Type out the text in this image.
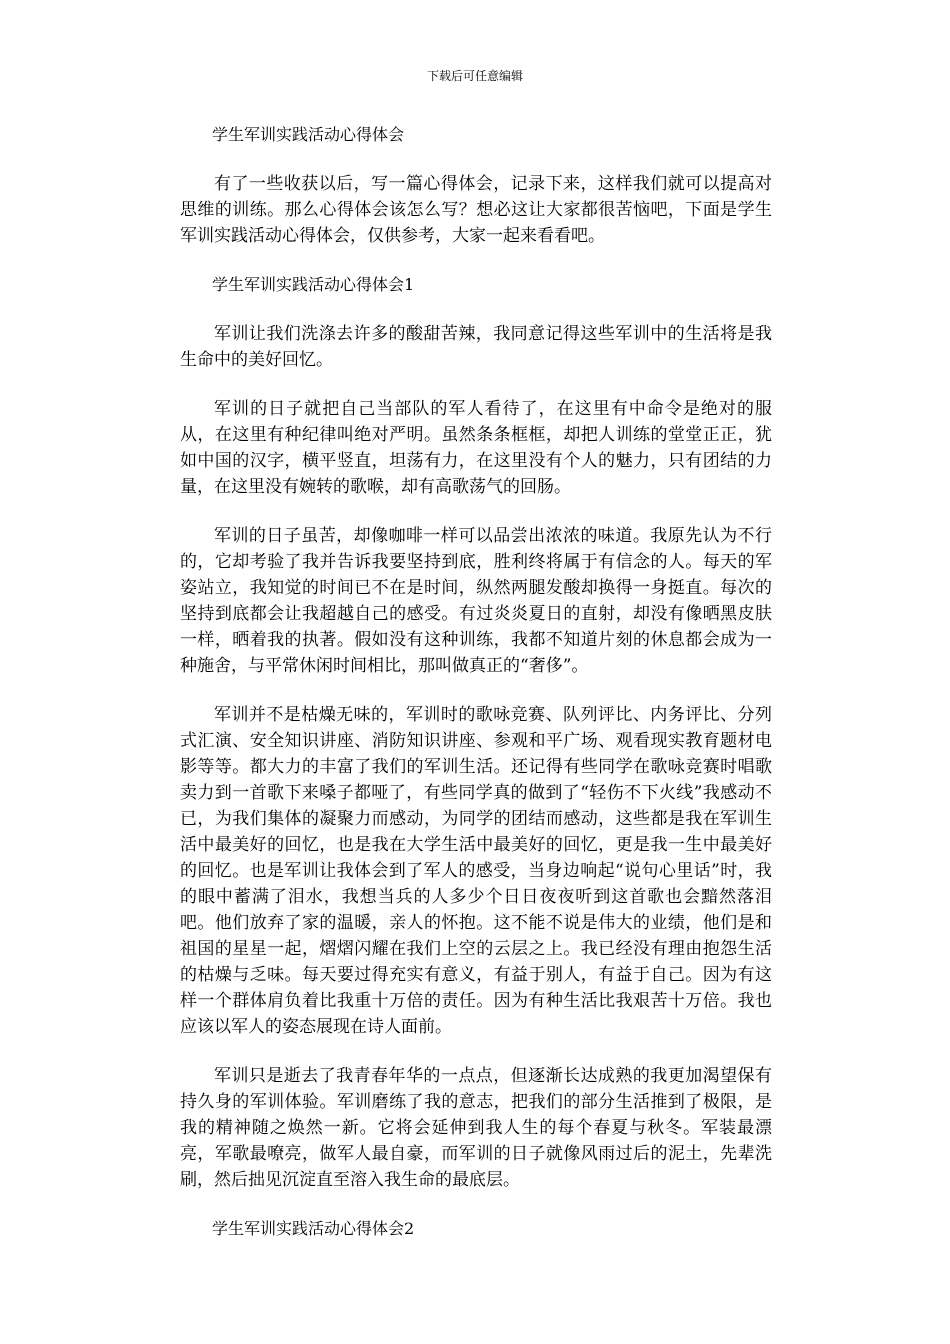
下载后可任意编辑

学生军训实践活动心得体会

有了一些收获以后，写一篇心得体会，记录下来，这样我们就可以提高对思维的训练。那么心得体会该怎么写？想必这让大家都很苦恼吧，下面是学生军训实践活动心得体会，仅供参考，大家一起来看看吧。

学生军训实践活动心得体会1

军训让我们洗涤去许多的酸甜苦辣，我同意记得这些军训中的生活将是我生命中的美好回忆。

军训的日子就把自己当部队的军人看待了，在这里有中命令是绝对的服从，在这里有种纪律叫绝对严明。虽然条条框框，却把人训练的堂堂正正，犹如中国的汉字，横平竖直，坦荡有力，在这里没有个人的魅力，只有团结的力量，在这里没有婉转的歌喉，却有高歌荡气的回肠。

军训的日子虽苦，却像咖啡一样可以品尝出浓浓的味道。我原先认为不行的，它却考验了我并告诉我要坚持到底，胜利终将属于有信念的人。每天的军姿站立，我知觉的时间已不在是时间，纵然两腿发酸却换得一身挺直。每次的坚持到底都会让我超越自己的感受。有过炎炎夏日的直射，却没有像晒黑皮肤一样，晒着我的执著。假如没有这种训练，我都不知道片刻的休息都会成为一种施舍，与平常休闲时间相比，那叫做真正的“奢侈”。

军训并不是枯燥无味的，军训时的歌咏竞赛、队列评比、内务评比、分列式汇演、安全知识讲座、消防知识讲座、参观和平广场、观看现实教育题材电影等等。都大力的丰富了我们的军训生活。还记得有些同学在歌咏竞赛时唱歌卖力到一首歌下来嗓子都哑了，有些同学真的做到了“轻伤不下火线”我感动不已，为我们集体的凝聚力而感动，为同学的团结而感动，这些都是我在军训生活中最美好的回忆，也是我在大学生活中最美好的回忆，更是我一生中最美好的回忆。也是军训让我体会到了军人的感受，当身边响起“说句心里话”时，我的眼中蓄满了泪水，我想当兵的人多少个日日夜夜听到这首歌也会黯然落泪吧。他们放弃了家的温暖，亲人的怀抱。这不能不说是伟大的业绩，他们是和祖国的星星一起，熠熠闪耀在我们上空的云层之上。我已经没有理由抱怨生活的枯燥与乏味。每天要过得充实有意义，有益于别人，有益于自己。因为有这样一个群体肩负着比我重十万倍的责任。因为有种生活比我艰苦十万倍。我也应该以军人的姿态展现在诗人面前。

军训只是逝去了我青春年华的一点点，但逐渐长达成熟的我更加渴望保有持久身的军训体验。军训磨练了我的意志，把我们的部分生活推到了极限，是我的精神随之焕然一新。它将会延伸到我人生的每个春夏与秋冬。军装最漂亮，军歌最嘹亮，做军人最自豪，而军训的日子就像风雨过后的泥土，先辈洗刷，然后拙见沉淀直至溶入我生命的最底层。

学生军训实践活动心得体会2
